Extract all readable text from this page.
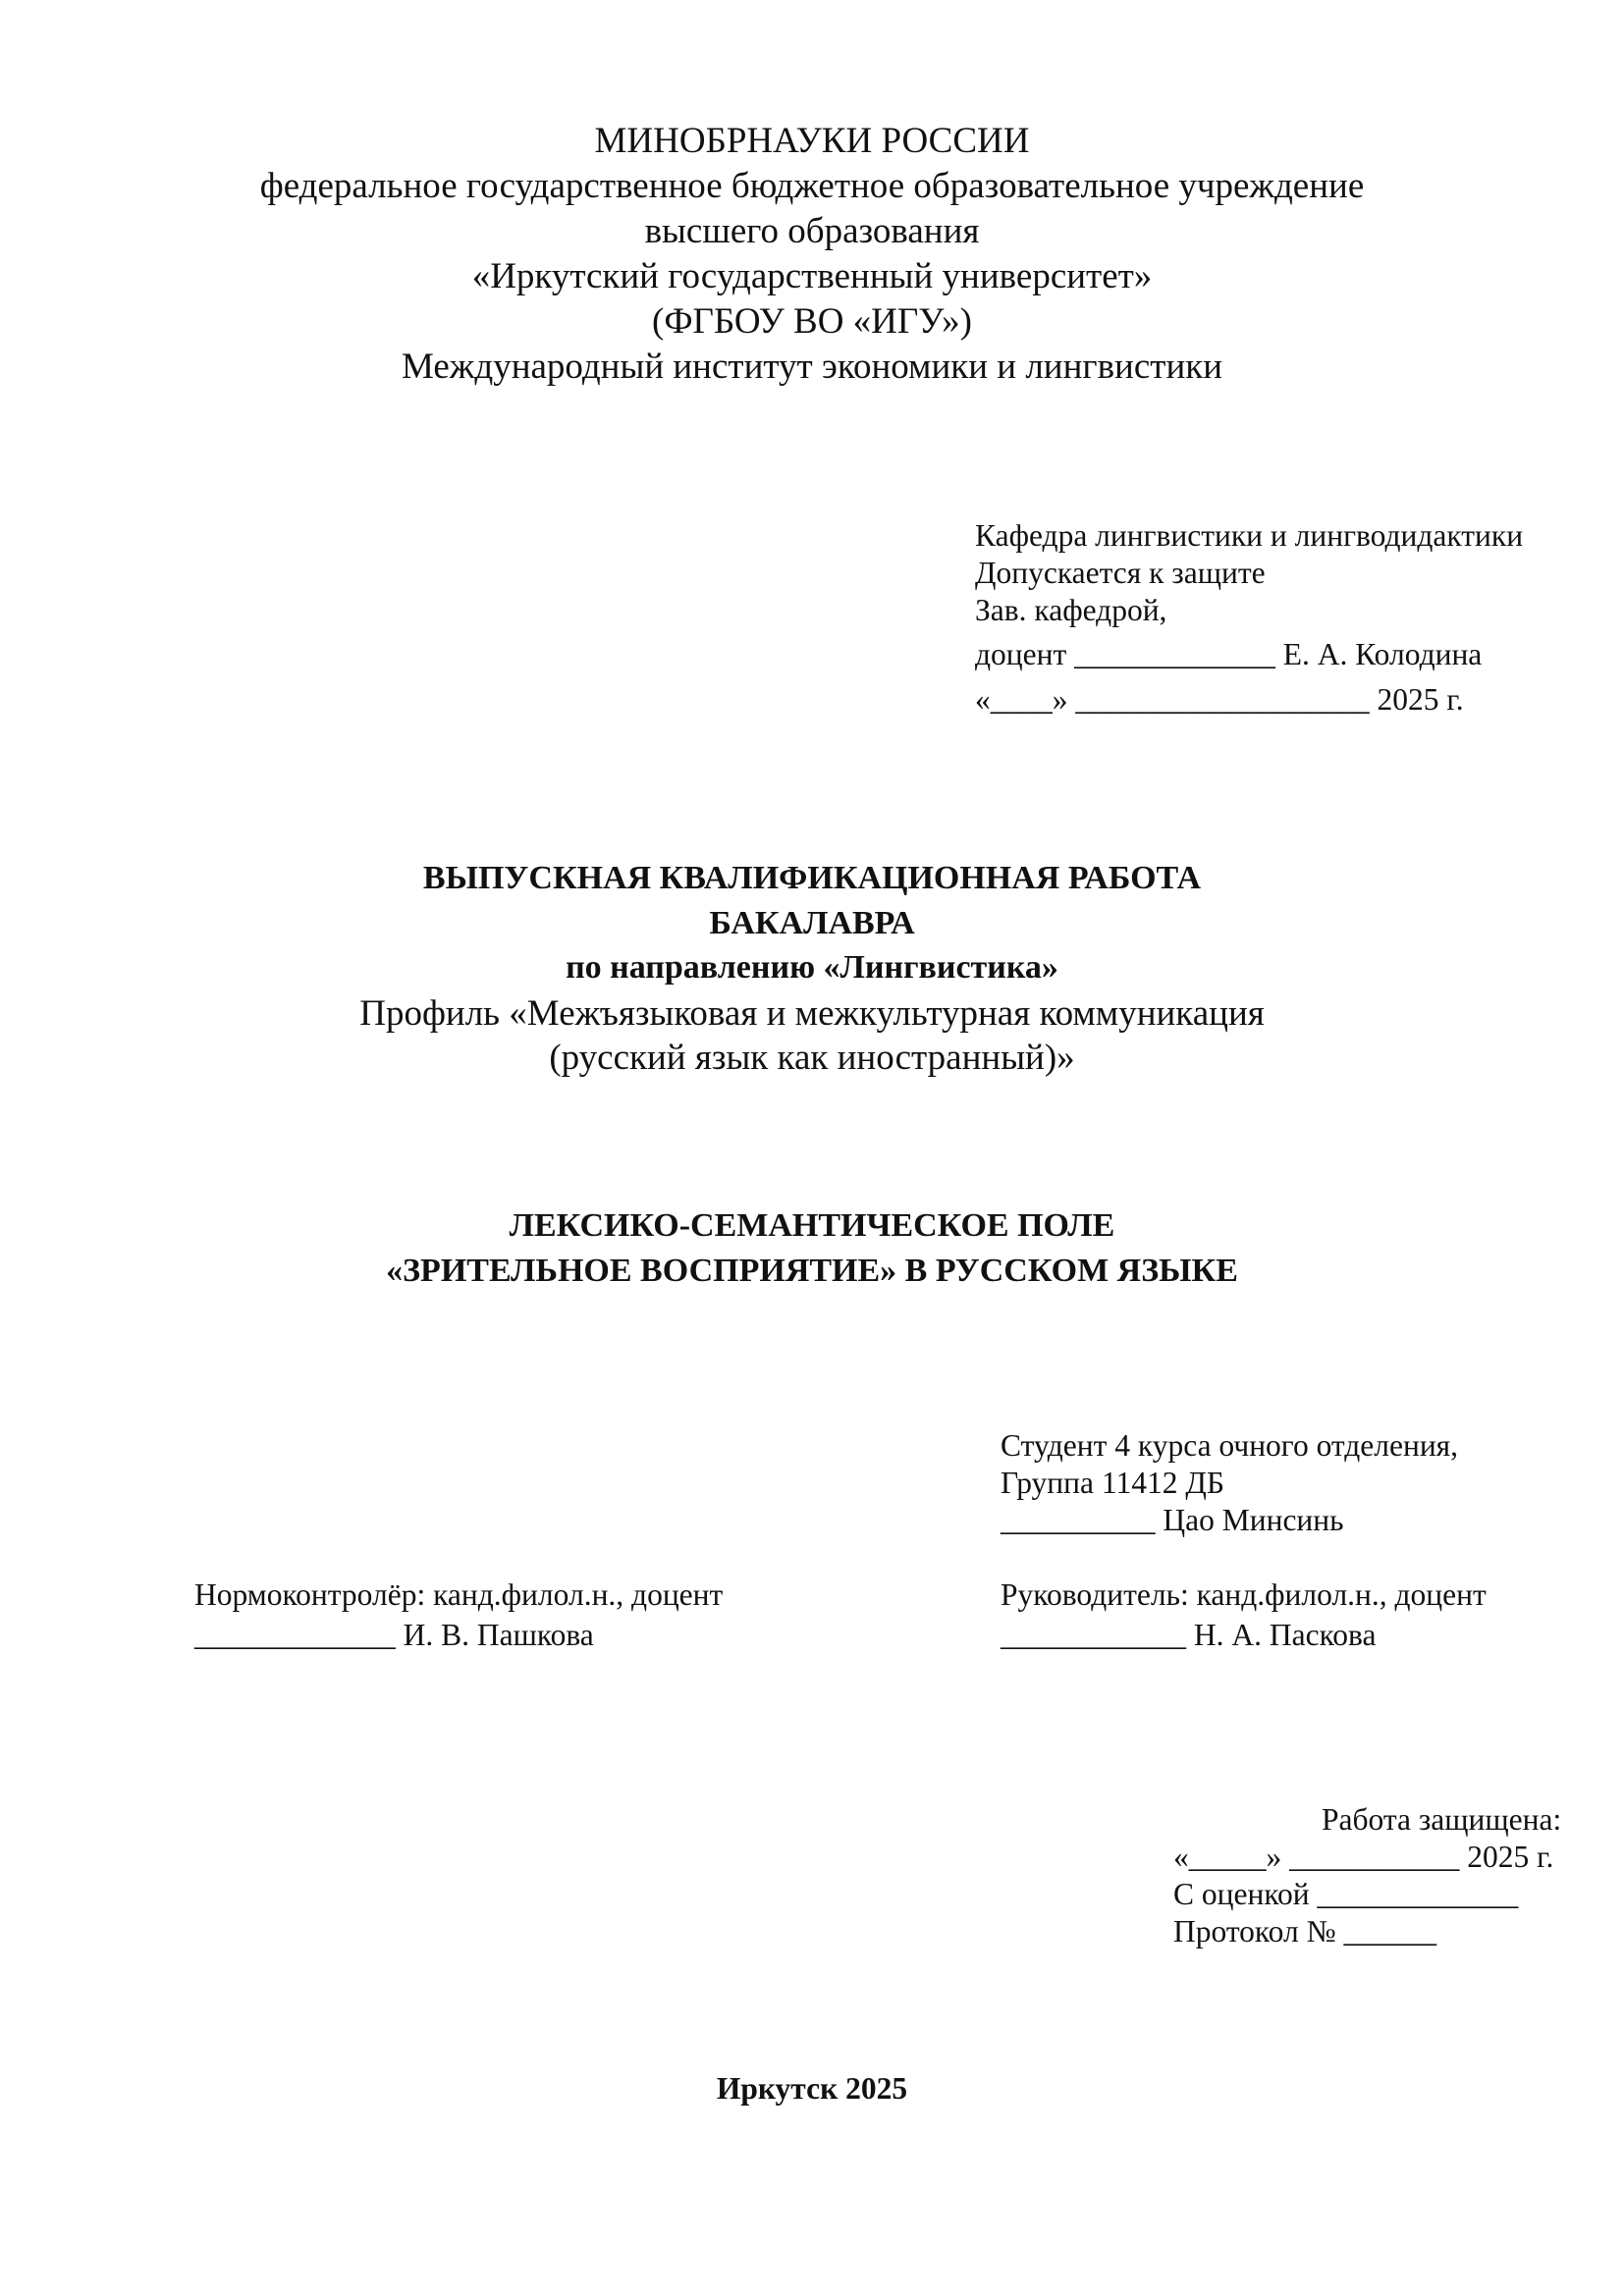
МИНОБРНАУКИ РОССИИ
федеральное государственное бюджетное образовательное учреждение
высшего образования
«Иркутский государственный университет»
(ФГБОУ ВО «ИГУ»)
Международный институт экономики и лингвистики
Кафедра лингвистики и лингводидактики
Допускается к защите
Зав. кафедрой,
доцент _____________ Е. А. Колодина
«____» ___________________ 2025 г.
ВЫПУСКНАЯ КВАЛИФИКАЦИОННАЯ РАБОТА
БАКАЛАВРА
по направлению «Лингвистика»
Профиль «Межъязыковая и межкультурная коммуникация
(русский язык как иностранный)»
ЛЕКСИКО-СЕМАНТИЧЕСКОЕ ПОЛЕ
«ЗРИТЕЛЬНОЕ ВОСПРИЯТИЕ» В РУССКОМ ЯЗЫКЕ
Студент 4 курса очного отделения,
Группа 11412 ДБ
__________ Цао Минсинь
Нормоконтролёр: канд.филол.н., доцент
_____________ И. В. Пашкова
Руководитель: канд.филол.н., доцент
____________ Н. А. Паскова
Работа защищена:
«_____» ___________ 2025 г.
С оценкой _____________
Протокол № ______
Иркутск 2025
